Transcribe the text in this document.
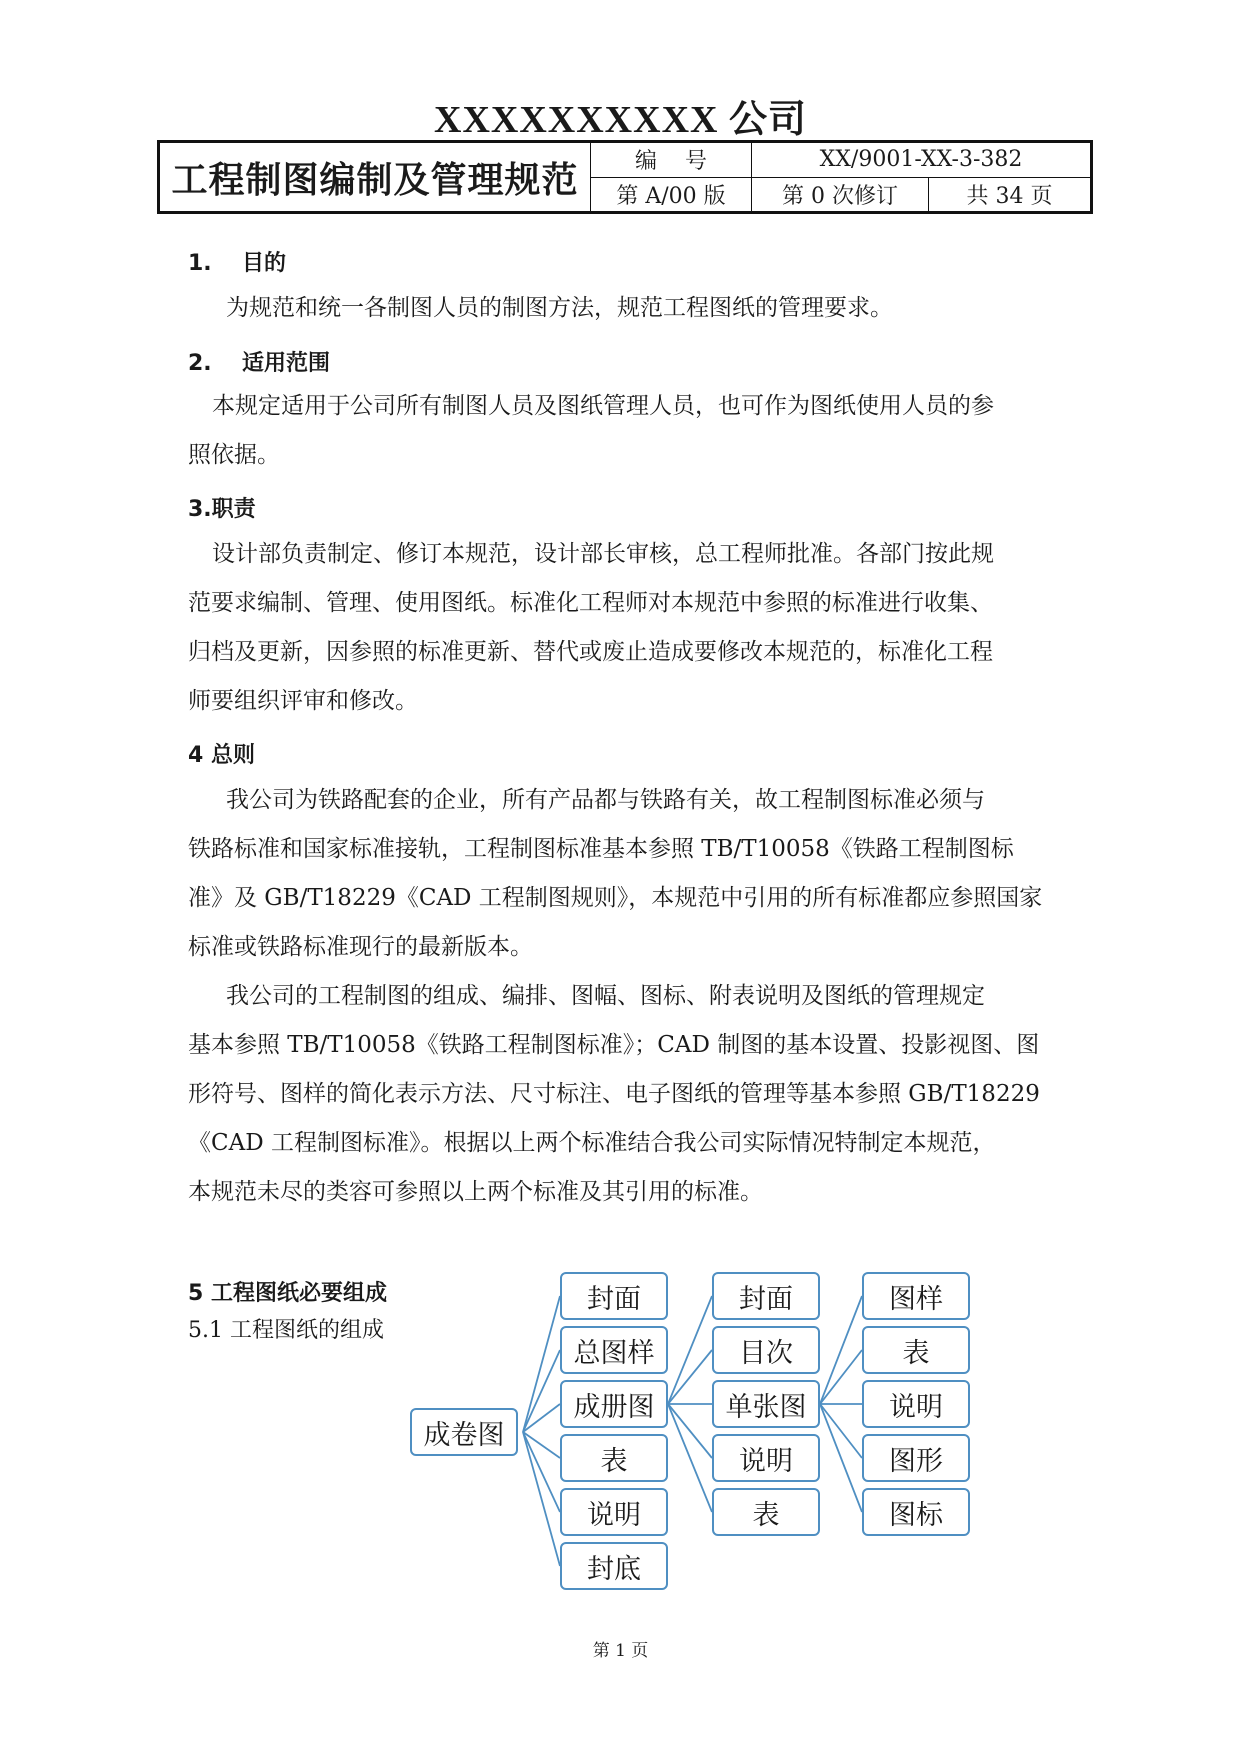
XXXXXXXXXX 公司
工程制图编制及管理规范	编    号	XX/9001-XX-3-382	
	第 A/00 版	第 0 次修订	共 34 页
1. 目的
为规范和统一各制图人员的制图方法，规范工程图纸的管理要求。
2. 适用范围
本规定适用于公司所有制图人员及图纸管理人员，也可作为图纸使用人员的参
照依据。
3.职责
设计部负责制定、修订本规范，设计部长审核，总工程师批准。各部门按此规
范要求编制、管理、使用图纸。标准化工程师对本规范中参照的标准进行收集、
归档及更新，因参照的标准更新、替代或废止造成要修改本规范的，标准化工程
师要组织评审和修改。
4 总则
我公司为铁路配套的企业，所有产品都与铁路有关，故工程制图标准必须与
铁路标准和国家标准接轨，工程制图标准基本参照 TB/T10058《铁路工程制图标
准》及 GB/T18229《CAD 工程制图规则》，本规范中引用的所有标准都应参照国家
标准或铁路标准现行的最新版本。
我公司的工程制图的组成、编排、图幅、图标、附表说明及图纸的管理规定
基本参照 TB/T10058《铁路工程制图标准》；CAD 制图的基本设置、投影视图、图
形符号、图样的简化表示方法、尺寸标注、电子图纸的管理等基本参照 GB/T18229
《CAD 工程制图标准》。根据以上两个标准结合我公司实际情况特制定本规范，
本规范未尽的类容可参照以上两个标准及其引用的标准。
5 工程图纸必要组成
5.1 工程图纸的组成
成卷图
封面
总图样
成册图
表
说明
封底
封面
目次
单张图
说明
表
图样
表
说明
图形
图标
第 1 页
